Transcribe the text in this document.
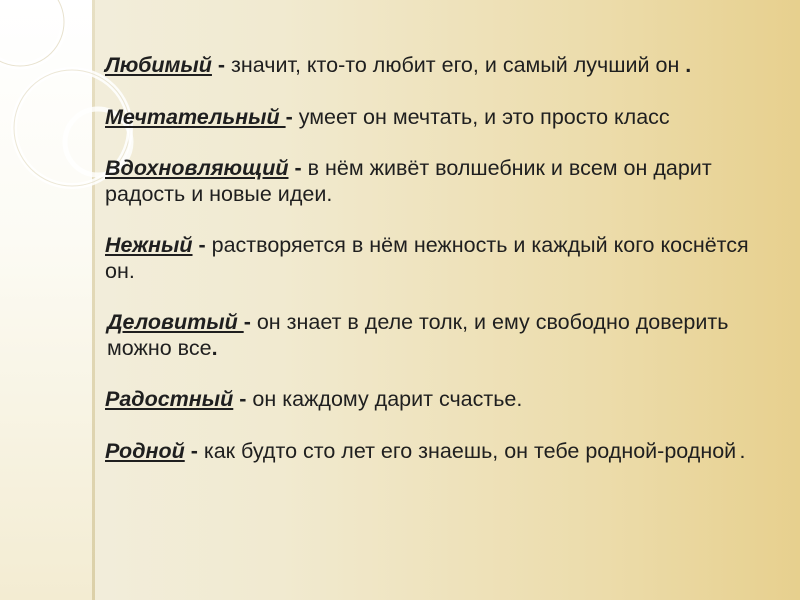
Любимый - значит, кто-то любит его, и самый лучший он .

Мечтательный - умеет он мечтать, и это просто класс

Вдохновляющий - в нём живёт волшебник и всем он дарит радость и новые идеи.

Нежный - растворяется в нём нежность и каждый кого коснётся он.

Деловитый - он знает в деле толк, и ему свободно доверить можно все.

Радостный - он каждому дарит счастье.

Родной - как будто сто лет его знаешь, он тебе родной-родной .
